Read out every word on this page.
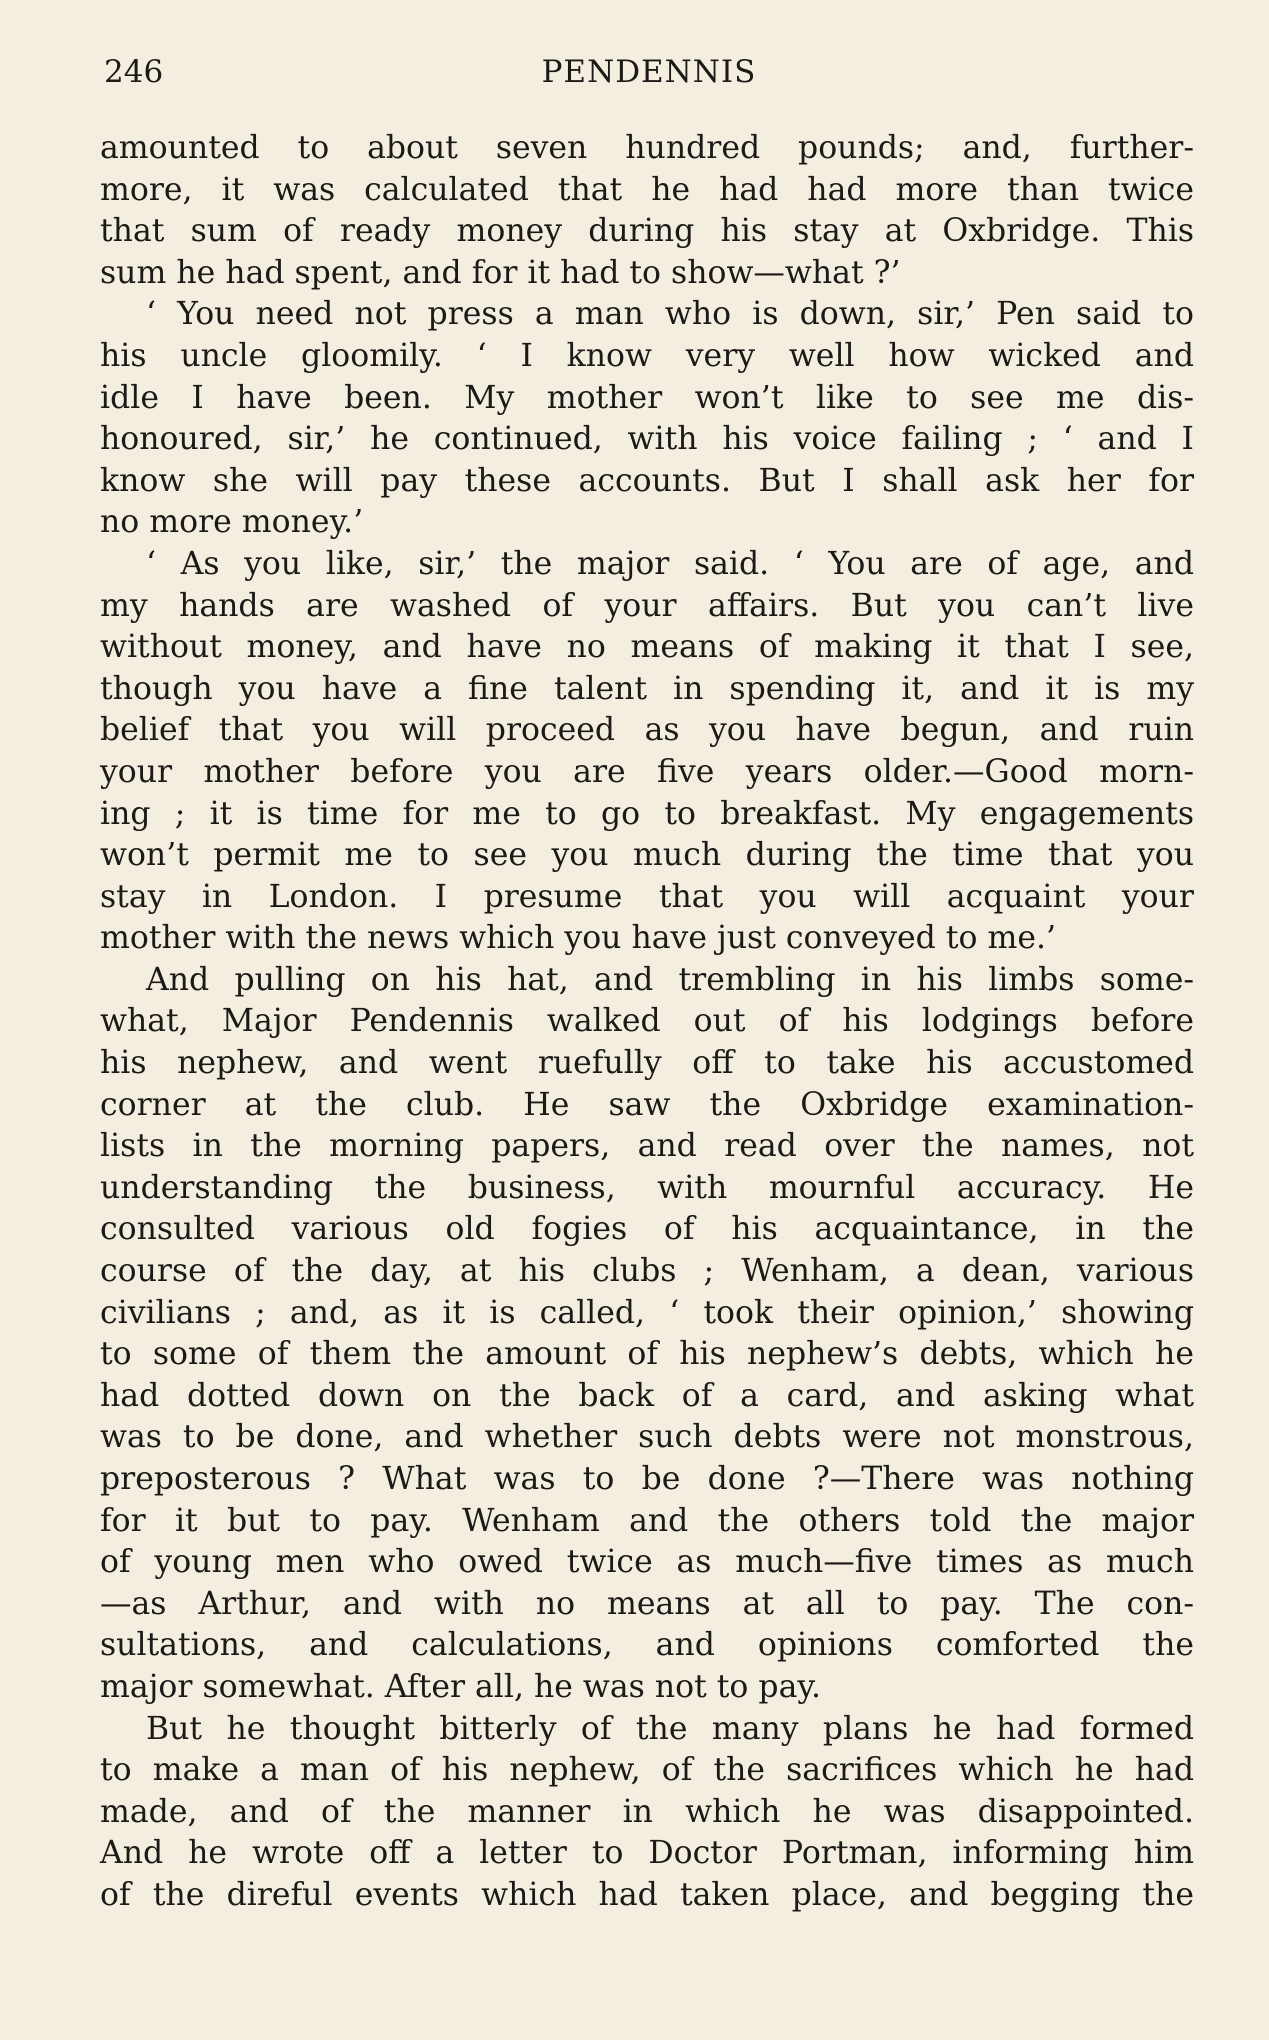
246	PENDENNIS
amounted to about seven hundred pounds; and, further-
more, it was calculated that he had had more than twice
that sum of ready money during his stay at Oxbridge. This
sum he had spent, and for it had to show—what ?’
‘ You need not press a man who is down, sir,’ Pen said to
his uncle gloomily. ‘ I know very well how wicked and
idle I have been. My mother won’t like to see me dis-
honoured, sir,’ he continued, with his voice failing ; ‘ and I
know she will pay these accounts. But I shall ask her for
no more money.’
‘ As you like, sir,’ the major said. ‘ You are of age, and
my hands are washed of your affairs. But you can’t live
without money, and have no means of making it that I see,
though you have a fine talent in spending it, and it is my
belief that you will proceed as you have begun, and ruin
your mother before you are five years older.—Good morn-
ing ; it is time for me to go to breakfast. My engagements
won’t permit me to see you much during the time that you
stay in London. I presume that you will acquaint your
mother with the news which you have just conveyed to me.’
And pulling on his hat, and trembling in his limbs some-
what, Major Pendennis walked out of his lodgings before
his nephew, and went ruefully off to take his accustomed
corner at the club. He saw the Oxbridge examination-
lists in the morning papers, and read over the names, not
understanding the business, with mournful accuracy. He
consulted various old fogies of his acquaintance, in the
course of the day, at his clubs ; Wenham, a dean, various
civilians ; and, as it is called, ‘ took their opinion,’ showing
to some of them the amount of his nephew’s debts, which he
had dotted down on the back of a card, and asking what
was to be done, and whether such debts were not monstrous,
preposterous ? What was to be done ?—There was nothing
for it but to pay. Wenham and the others told the major
of young men who owed twice as much—five times as much
—as Arthur, and with no means at all to pay. The con-
sultations, and calculations, and opinions comforted the
major somewhat. After all, he was not to pay.
But he thought bitterly of the many plans he had formed
to make a man of his nephew, of the sacrifices which he had
made, and of the manner in which he was disappointed.
And he wrote off a letter to Doctor Portman, informing him
of the direful events which had taken place, and begging the
